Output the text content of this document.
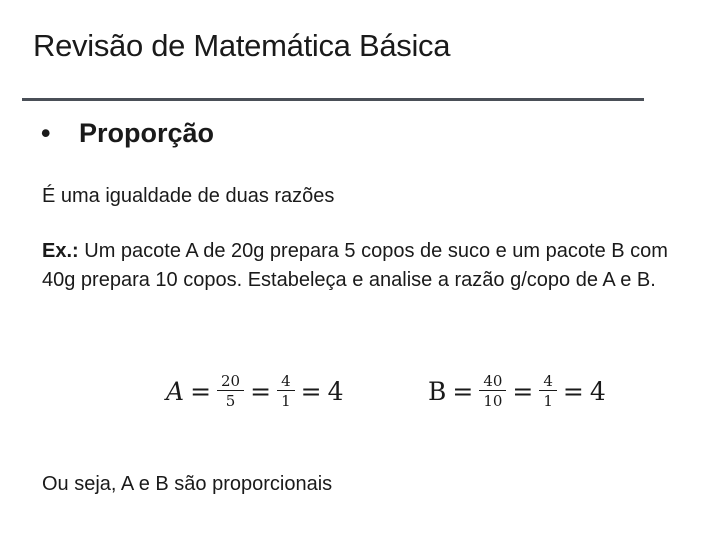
Revisão de Matemática Básica
• Proporção

É uma igualdade de duas razões

Ex.: Um pacote A de 20g prepara 5 copos de suco e um pacote B com 40g prepara 10 copos. Estabeleça e analise a razão g/copo de A e B.

$A = \frac{20}{5} = \frac{4}{1} = 4$	$B = \frac{40}{10} = \frac{4}{1} = 4$

Ou seja, A e B são proporcionais
